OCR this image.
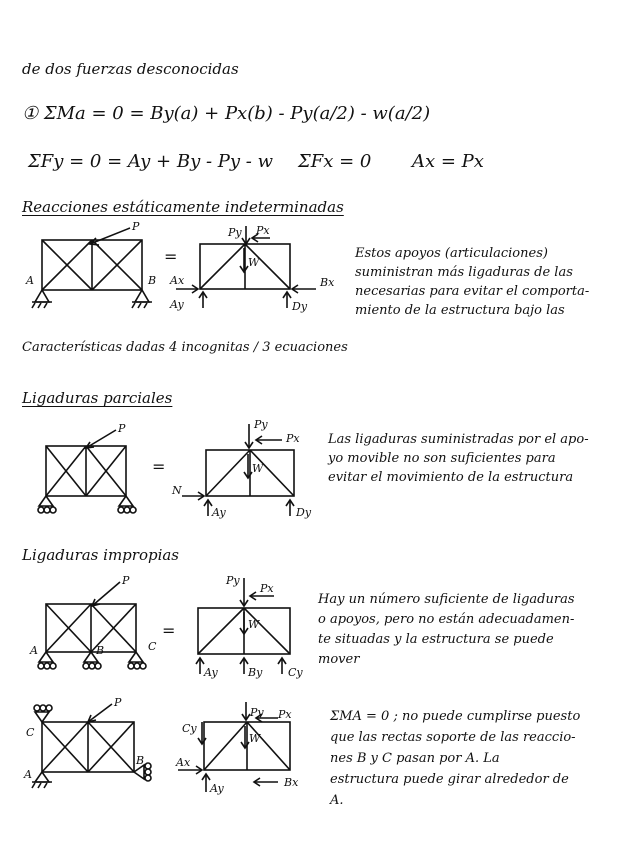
de dos fuerzas desconocidas

① ΣMa = 0 = By(a) + Px(b) - Py(a/2) - w(a/2)

ΣFy = 0 = Ay + By - Py - w ΣFx = 0 Ax = Px

Reacciones estáticamente indeterminadas

P
A	B
=
Py Px
W
Ax
Ay
Bx
Dy
Estos apoyos (articulaciones)
suministran más ligaduras de las
necesarias para evitar el comporta-
miento de la estructura bajo las

Características dadas 4 incognitas / 3 ecuaciones

Ligaduras parciales

P
=
Py
Px
W
N
Ay	Dy
Las ligaduras suministradas por el apo-
yo movible no son suficientes para
evitar el movimiento de la estructura

Ligaduras impropias

P
A	B	C
=
Py
Px
W
Ay	By Cy
Hay un número suficiente de ligaduras
o apoyos, pero no están adecuadamen-
te situadas y la estructura se puede
mover
P
C
A
B
Py Px
W
Cy
Ax
Ay	Bx
ΣMA = 0 ; no puede cumplirse puesto
que las rectas soporte de las reaccio-
nes B y C pasan por A. La
estructura puede girar alrededor de
A.
